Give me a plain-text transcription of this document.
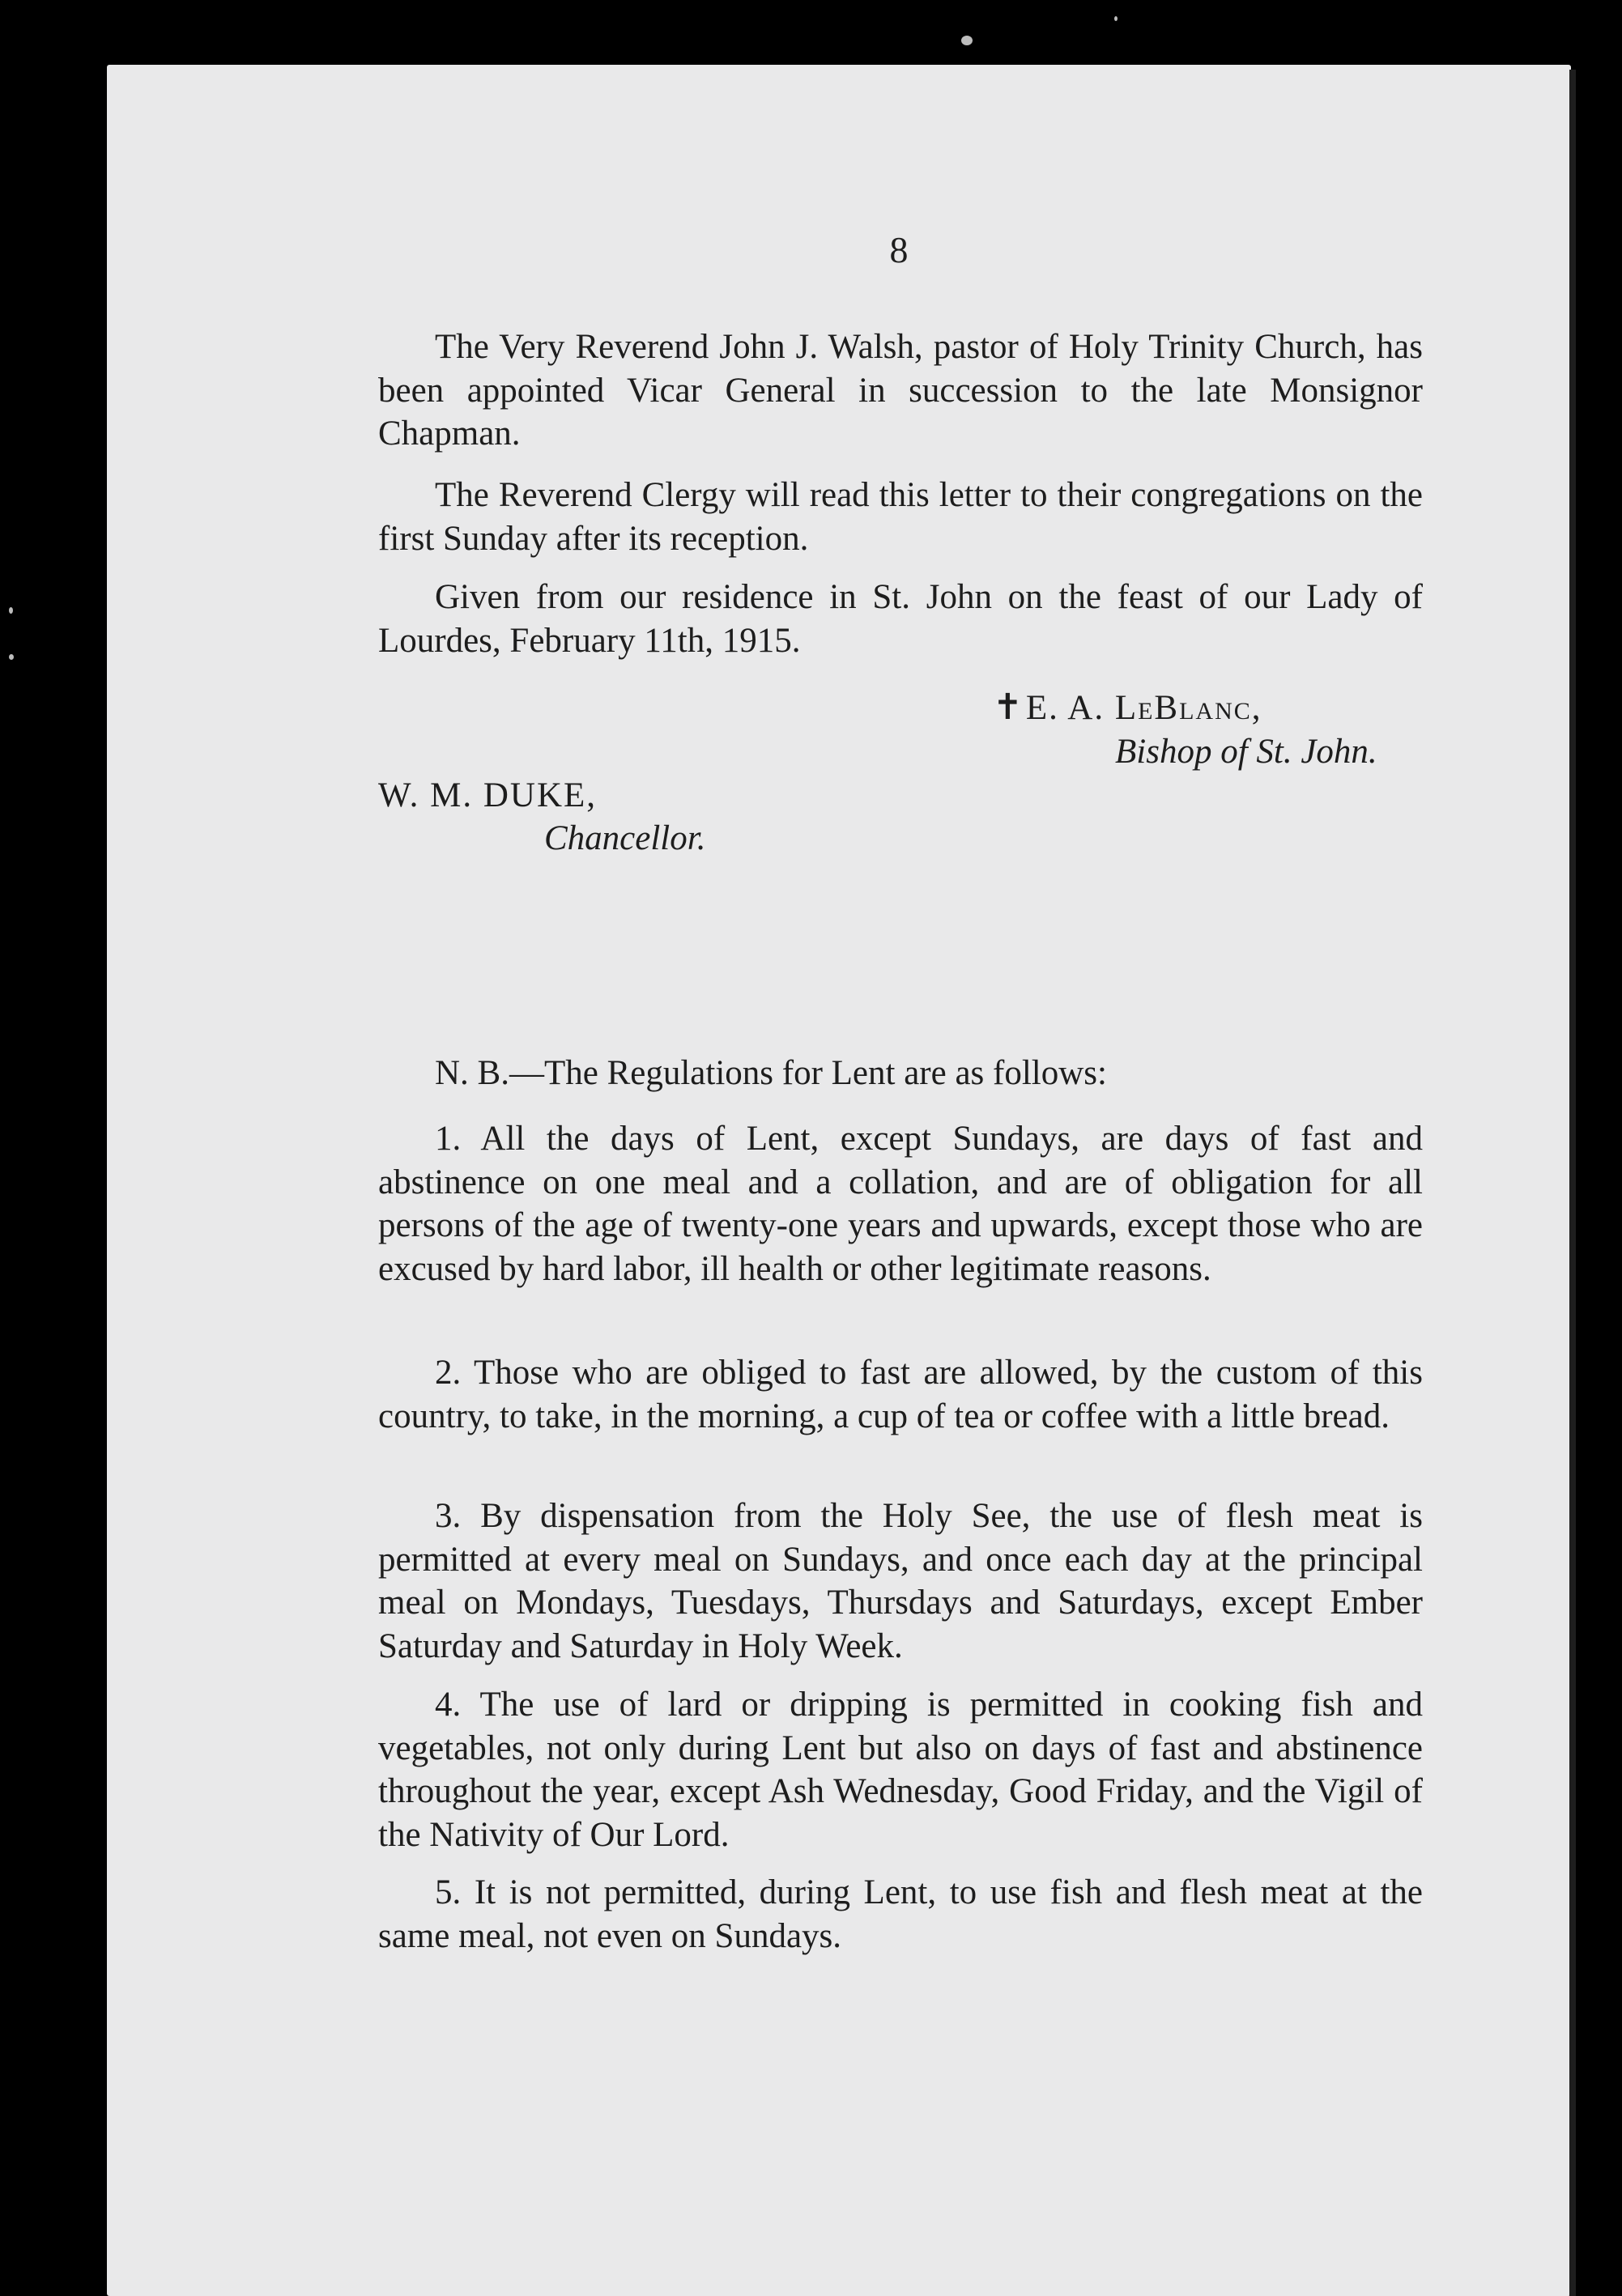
8

The Very Reverend John J. Walsh, pastor of Holy Trinity Church, has been appointed Vicar General in succession to the late Monsignor Chapman.

The Reverend Clergy will read this letter to their congregations on the first Sunday after its reception.

Given from our residence in St. John on the feast of our Lady of Lourdes, February 11th, 1915.

✝E. A. LeBlanc,
Bishop of St. John.
W. M. DUKE,
Chancellor.

N. B.—The Regulations for Lent are as follows:

1. All the days of Lent, except Sundays, are days of fast and abstinence on one meal and a collation, and are of obligation for all persons of the age of twenty-one years and upwards, except those who are excused by hard labor, ill health or other legitimate reasons.

2. Those who are obliged to fast are allowed, by the custom of this country, to take, in the morning, a cup of tea or coffee with a little bread.

3. By dispensation from the Holy See, the use of flesh meat is permitted at every meal on Sundays, and once each day at the principal meal on Mondays, Tuesdays, Thursdays and Saturdays, except Ember Saturday and Saturday in Holy Week.

4. The use of lard or dripping is permitted in cooking fish and vegetables, not only during Lent but also on days of fast and abstinence throughout the year, except Ash Wednesday, Good Friday, and the Vigil of the Nativity of Our Lord.

5. It is not permitted, during Lent, to use fish and flesh meat at the same meal, not even on Sundays.
